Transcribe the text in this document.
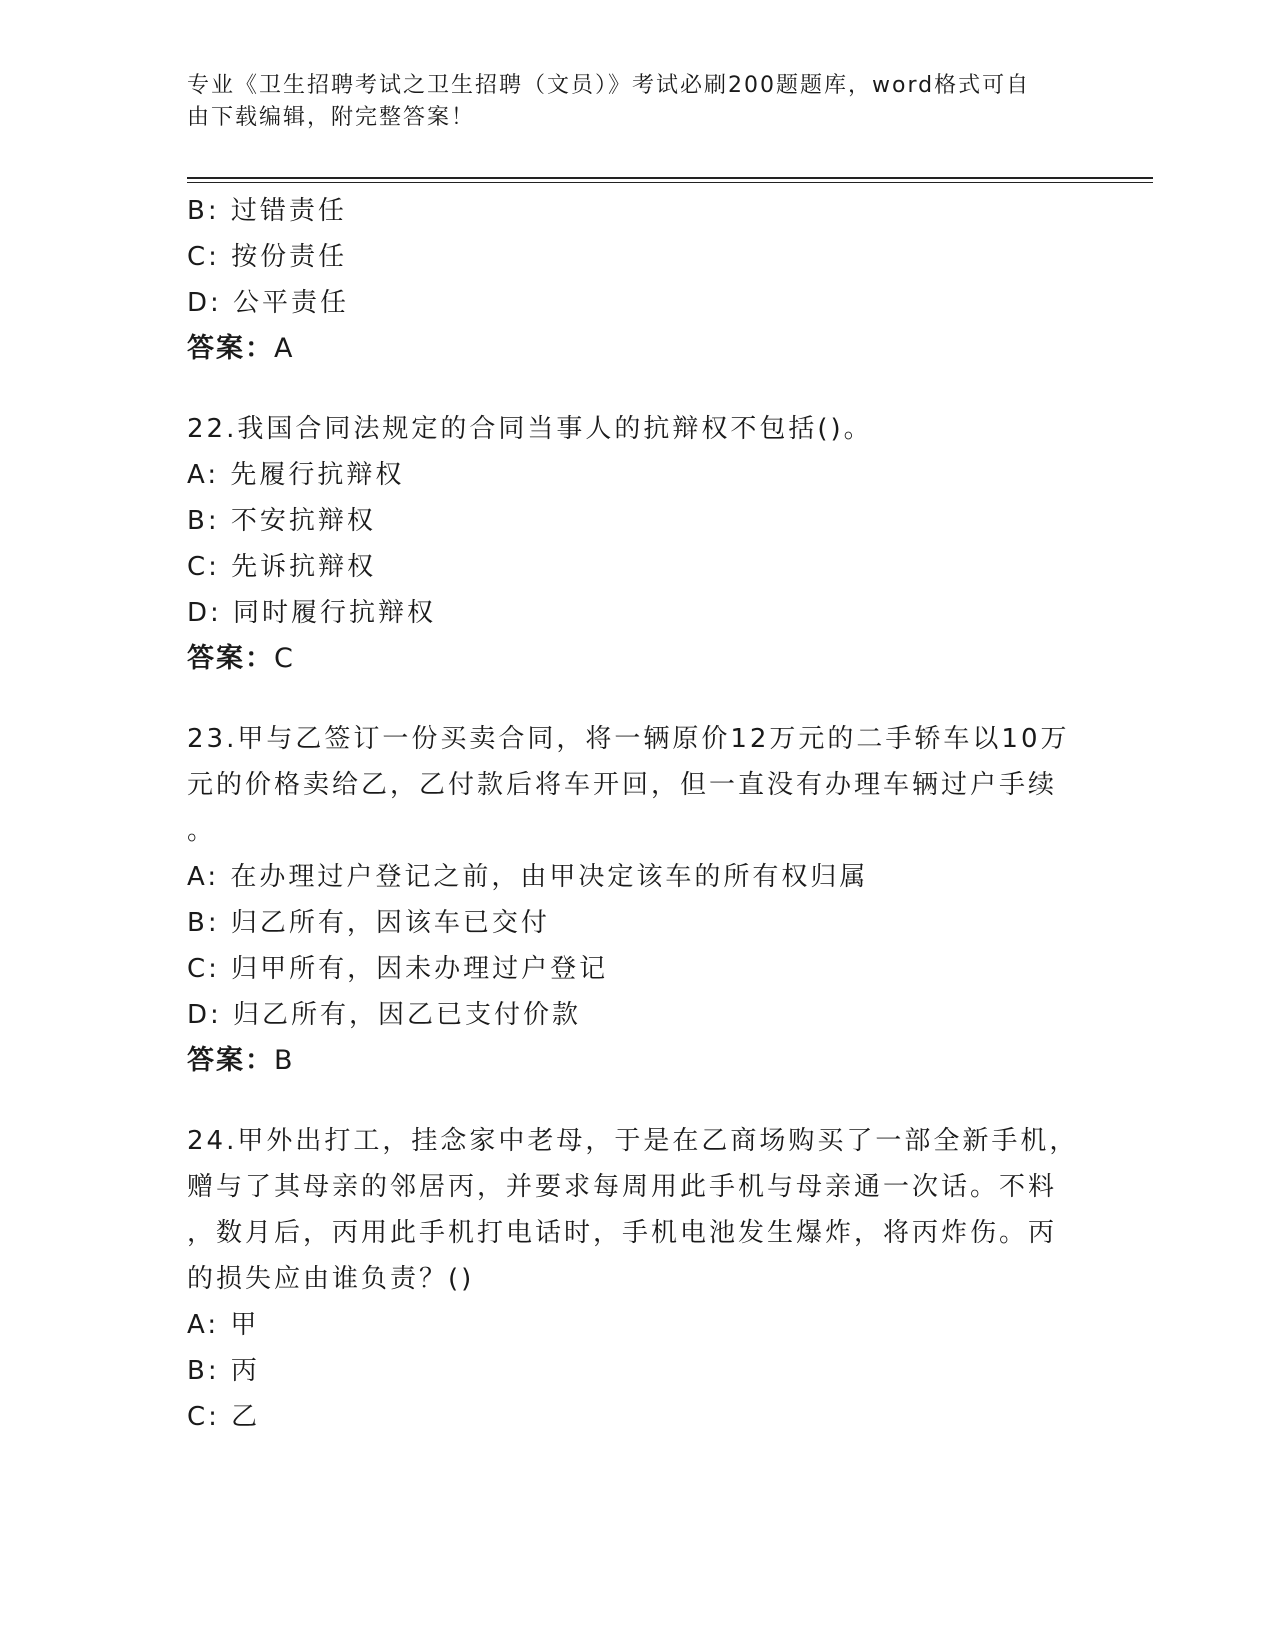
专业《卫生招聘考试之卫生招聘（文员）》考试必刷200题题库，word格式可自
由下载编辑，附完整答案！
B: 过错责任
C: 按份责任
D: 公平责任
答案：A
22.我国合同法规定的合同当事人的抗辩权不包括()。
A: 先履行抗辩权
B: 不安抗辩权
C: 先诉抗辩权
D: 同时履行抗辩权
答案：C
23.甲与乙签订一份买卖合同，将一辆原价12万元的二手轿车以10万
元的价格卖给乙，乙付款后将车开回，但一直没有办理车辆过户手续
。
A: 在办理过户登记之前，由甲决定该车的所有权归属
B: 归乙所有，因该车已交付
C: 归甲所有，因未办理过户登记
D: 归乙所有，因乙已支付价款
答案：B
24.甲外出打工，挂念家中老母，于是在乙商场购买了一部全新手机，
赠与了其母亲的邻居丙，并要求每周用此手机与母亲通一次话。不料
，数月后，丙用此手机打电话时，手机电池发生爆炸，将丙炸伤。丙
的损失应由谁负责？()
A: 甲
B: 丙
C: 乙
